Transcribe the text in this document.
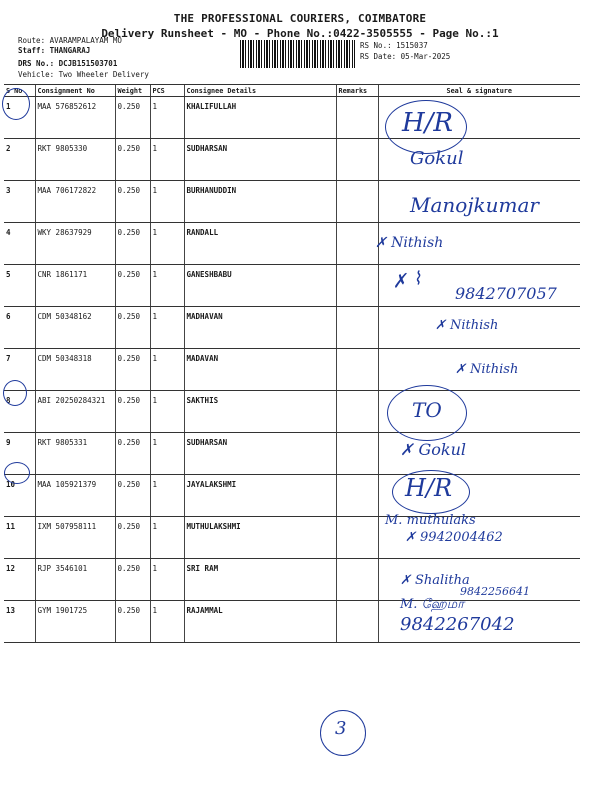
THE PROFESSIONAL COURIERS, COIMBATORE
Delivery Runsheet - MO - Phone No.:0422-3505555 - Page No.:1
Route: AVARAMPALAYAM MO
Staff: THANGARAJ
DRS No.: DCJB151503701
Vehicle: Two Wheeler Delivery
RS No.: 1515037
RS Date: 05-Mar-2025
S No	Consignment No	Weight	PCS	Consignee Details	Remarks	Seal & signature
1	MAA 576852612	0.250	1	KHALIFULLAH		
2	RKT 9805330	0.250	1	SUDHARSAN		
3	MAA 706172822	0.250	1	BURHANUDDIN		
4	WKY 28637929	0.250	1	RANDALL		
5	CNR 1861171	0.250	1	GANESHBABU		
6	CDM 50348162	0.250	1	MADHAVAN		
7	CDM 50348318	0.250	1	MADAVAN		
8	ABI 20250284321	0.250	1	SAKTHIS		
9	RKT 9805331	0.250	1	SUDHARSAN		
10	MAA 105921379	0.250	1	JAYALAKSHMI		
11	IXM 507958111	0.250	1	MUTHULAKSHMI		
12	RJP 3546101	0.250	1	SRI RAM		
13	GYM 1901725	0.250	1	RAJAMMAL		
H/R
Gokul
Manojkumar
✗ Nithish
✗ ⌇
9842707057
✗ Nithish
✗ Nithish
TO
✗ Gokul
H/R
M. muthulaks
✗ 9942004462
✗ Shalitha
9842256641
M. ஹேமா
9842267042
3
